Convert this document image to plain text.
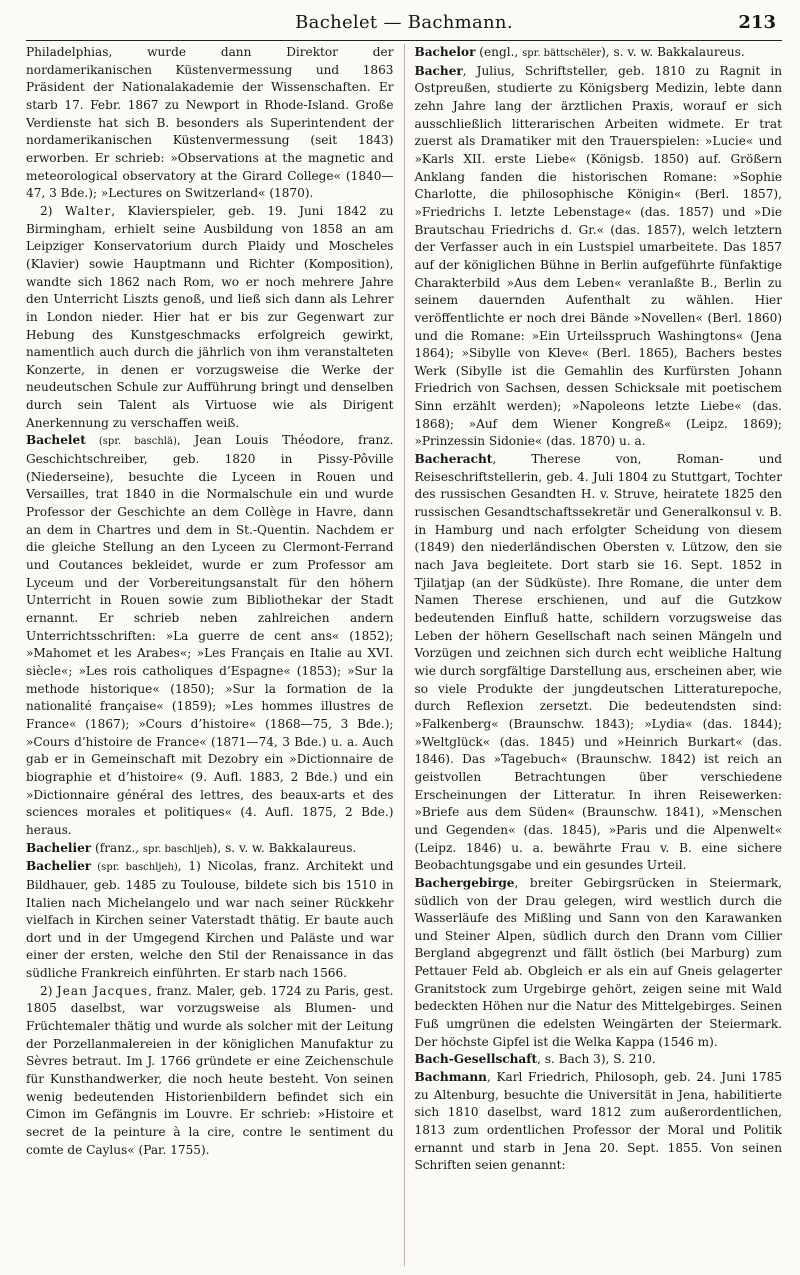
Bachelet — Bachmann.	213

Philadelphias, wurde dann Direktor der nordamerikanischen Küstenvermessung und 1863 Präsident der Nationalakademie der Wissenschaften. Er starb 17. Febr. 1867 zu Newport in Rhode-Island. Große Verdienste hat sich B. besonders als Superintendent der nordamerikanischen Küstenvermessung (seit 1843) erworben. Er schrieb: »Observations at the magnetic and meteorological observatory at the Girard College« (1840—47, 3 Bde.); »Lectures on Switzerland« (1870).

2) Walter, Klavierspieler, geb. 19. Juni 1842 zu Birmingham, erhielt seine Ausbildung von 1858 an am Leipziger Konservatorium durch Plaidy und Moscheles (Klavier) sowie Hauptmann und Richter (Komposition), wandte sich 1862 nach Rom, wo er noch mehrere Jahre den Unterricht Liszts genoß, und ließ sich dann als Lehrer in London nieder. Hier hat er bis zur Gegenwart zur Hebung des Kunstgeschmacks erfolgreich gewirkt, namentlich auch durch die jährlich von ihm veranstalteten Konzerte, in denen er vorzugsweise die Werke der neudeutschen Schule zur Aufführung bringt und denselben durch sein Talent als Virtuose wie als Dirigent Anerkennung zu verschaffen weiß.

Bachelet (spr. baschlä), Jean Louis Théodore, franz. Geschichtschreiber, geb. 1820 in Pissy-Pôville (Niederseine), besuchte die Lyceen in Rouen und Versailles, trat 1840 in die Normalschule ein und wurde Professor der Geschichte an dem Collège in Havre, dann an dem in Chartres und dem in St.-Quentin. Nachdem er die gleiche Stellung an den Lyceen zu Clermont-Ferrand und Coutances bekleidet, wurde er zum Professor am Lyceum und der Vorbereitungsanstalt für den höhern Unterricht in Rouen sowie zum Bibliothekar der Stadt ernannt. Er schrieb neben zahlreichen andern Unterrichtsschriften: »La guerre de cent ans« (1852); »Mahomet et les Arabes«; »Les Français en Italie au XVI. siècle«; »Les rois catholiques d’Espagne« (1853); »Sur la methode historique« (1850); »Sur la formation de la nationalité française« (1859); »Les hommes illustres de France« (1867); »Cours d’histoire« (1868—75, 3 Bde.); »Cours d’histoire de France« (1871—74, 3 Bde.) u. a. Auch gab er in Gemeinschaft mit Dezobry ein »Dictionnaire de biographie et d’histoire« (9. Aufl. 1883, 2 Bde.) und ein »Dictionnaire général des lettres, des beaux-arts et des sciences morales et politiques« (4. Aufl. 1875, 2 Bde.) heraus.

Bachelier (franz., spr. baschljeh), s. v. w. Bakkalaureus.

Bachelier (spr. baschljeh), 1) Nicolas, franz. Architekt und Bildhauer, geb. 1485 zu Toulouse, bildete sich bis 1510 in Italien nach Michelangelo und war nach seiner Rückkehr vielfach in Kirchen seiner Vaterstadt thätig. Er baute auch dort und in der Umgegend Kirchen und Paläste und war einer der ersten, welche den Stil der Renaissance in das südliche Frankreich einführten. Er starb nach 1566.

2) Jean Jacques, franz. Maler, geb. 1724 zu Paris, gest. 1805 daselbst, war vorzugsweise als Blumen- und Früchtemaler thätig und wurde als solcher mit der Leitung der Porzellanmalereien in der königlichen Manufaktur zu Sèvres betraut. Im J. 1766 gründete er eine Zeichenschule für Kunsthandwerker, die noch heute besteht. Von seinen wenig bedeutenden Historienbildern befindet sich ein Cimon im Gefängnis im Louvre. Er schrieb: »Histoire et secret de la peinture à la cire, contre le sentiment du comte de Caylus« (Par. 1755).

Bachelor (engl., spr. bättschëler), s. v. w. Bakkalaureus.

Bacher, Julius, Schriftsteller, geb. 1810 zu Ragnit in Ostpreußen, studierte zu Königsberg Medizin, lebte dann zehn Jahre lang der ärztlichen Praxis, worauf er sich ausschließlich litterarischen Arbeiten widmete. Er trat zuerst als Dramatiker mit den Trauerspielen: »Lucie« und »Karls XII. erste Liebe« (Königsb. 1850) auf. Größern Anklang fanden die historischen Romane: »Sophie Charlotte, die philosophische Königin« (Berl. 1857), »Friedrichs I. letzte Lebenstage« (das. 1857) und »Die Brautschau Friedrichs d. Gr.« (das. 1857), welch letztern der Verfasser auch in ein Lustspiel umarbeitete. Das 1857 auf der königlichen Bühne in Berlin aufgeführte fünfaktige Charakterbild »Aus dem Leben« veranlaßte B., Berlin zu seinem dauernden Aufenthalt zu wählen. Hier veröffentlichte er noch drei Bände »Novellen« (Berl. 1860) und die Romane: »Ein Urteilsspruch Washingtons« (Jena 1864); »Sibylle von Kleve« (Berl. 1865), Bachers bestes Werk (Sibylle ist die Gemahlin des Kurfürsten Johann Friedrich von Sachsen, dessen Schicksale mit poetischem Sinn erzählt werden); »Napoleons letzte Liebe« (das. 1868); »Auf dem Wiener Kongreß« (Leipz. 1869); »Prinzessin Sidonie« (das. 1870) u. a.

Bacheracht, Therese von, Roman- und Reiseschriftstellerin, geb. 4. Juli 1804 zu Stuttgart, Tochter des russischen Gesandten H. v. Struve, heiratete 1825 den russischen Gesandtschaftssekretär und Generalkonsul v. B. in Hamburg und nach erfolgter Scheidung von diesem (1849) den niederländischen Obersten v. Lützow, den sie nach Java begleitete. Dort starb sie 16. Sept. 1852 in Tjilatjap (an der Südküste). Ihre Romane, die unter dem Namen Therese erschienen, und auf die Gutzkow bedeutenden Einfluß hatte, schildern vorzugsweise das Leben der höhern Gesellschaft nach seinen Mängeln und Vorzügen und zeichnen sich durch echt weibliche Haltung wie durch sorgfältige Darstellung aus, erscheinen aber, wie so viele Produkte der jungdeutschen Litteraturepoche, durch Reflexion zersetzt. Die bedeutendsten sind: »Falkenberg« (Braunschw. 1843); »Lydia« (das. 1844); »Weltglück« (das. 1845) und »Heinrich Burkart« (das. 1846). Das »Tagebuch« (Braunschw. 1842) ist reich an geistvollen Betrachtungen über verschiedene Erscheinungen der Litteratur. In ihren Reisewerken: »Briefe aus dem Süden« (Braunschw. 1841), »Menschen und Gegenden« (das. 1845), »Paris und die Alpenwelt« (Leipz. 1846) u. a. bewährte Frau v. B. eine sichere Beobachtungsgabe und ein gesundes Urteil.

Bachergebirge, breiter Gebirgsrücken in Steiermark, südlich von der Drau gelegen, wird westlich durch die Wasserläufe des Mißling und Sann von den Karawanken und Steiner Alpen, südlich durch den Drann vom Cillier Bergland abgegrenzt und fällt östlich (bei Marburg) zum Pettauer Feld ab. Obgleich er als ein auf Gneis gelagerter Granitstock zum Urgebirge gehört, zeigen seine mit Wald bedeckten Höhen nur die Natur des Mittelgebirges. Seinen Fuß umgrünen die edelsten Weingärten der Steiermark. Der höchste Gipfel ist die Welka Kappa (1546 m).

Bach-Gesellschaft, s. Bach 3), S. 210.

Bachmann, Karl Friedrich, Philosoph, geb. 24. Juni 1785 zu Altenburg, besuchte die Universität in Jena, habilitierte sich 1810 daselbst, ward 1812 zum außerordentlichen, 1813 zum ordentlichen Professor der Moral und Politik ernannt und starb in Jena 20. Sept. 1855. Von seinen Schriften seien genannt:
